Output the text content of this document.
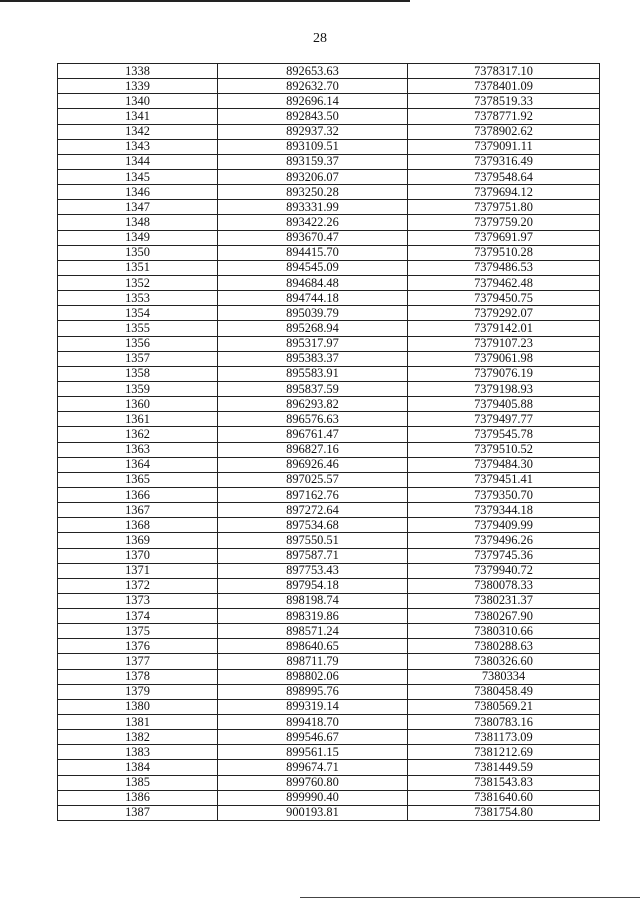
28
1338	892653.63	7378317.10
1339	892632.70	7378401.09
1340	892696.14	7378519.33
1341	892843.50	7378771.92
1342	892937.32	7378902.62
1343	893109.51	7379091.11
1344	893159.37	7379316.49
1345	893206.07	7379548.64
1346	893250.28	7379694.12
1347	893331.99	7379751.80
1348	893422.26	7379759.20
1349	893670.47	7379691.97
1350	894415.70	7379510.28
1351	894545.09	7379486.53
1352	894684.48	7379462.48
1353	894744.18	7379450.75
1354	895039.79	7379292.07
1355	895268.94	7379142.01
1356	895317.97	7379107.23
1357	895383.37	7379061.98
1358	895583.91	7379076.19
1359	895837.59	7379198.93
1360	896293.82	7379405.88
1361	896576.63	7379497.77
1362	896761.47	7379545.78
1363	896827.16	7379510.52
1364	896926.46	7379484.30
1365	897025.57	7379451.41
1366	897162.76	7379350.70
1367	897272.64	7379344.18
1368	897534.68	7379409.99
1369	897550.51	7379496.26
1370	897587.71	7379745.36
1371	897753.43	7379940.72
1372	897954.18	7380078.33
1373	898198.74	7380231.37
1374	898319.86	7380267.90
1375	898571.24	7380310.66
1376	898640.65	7380288.63
1377	898711.79	7380326.60
1378	898802.06	7380334
1379	898995.76	7380458.49
1380	899319.14	7380569.21
1381	899418.70	7380783.16
1382	899546.67	7381173.09
1383	899561.15	7381212.69
1384	899674.71	7381449.59
1385	899760.80	7381543.83
1386	899990.40	7381640.60
1387	900193.81	7381754.80
